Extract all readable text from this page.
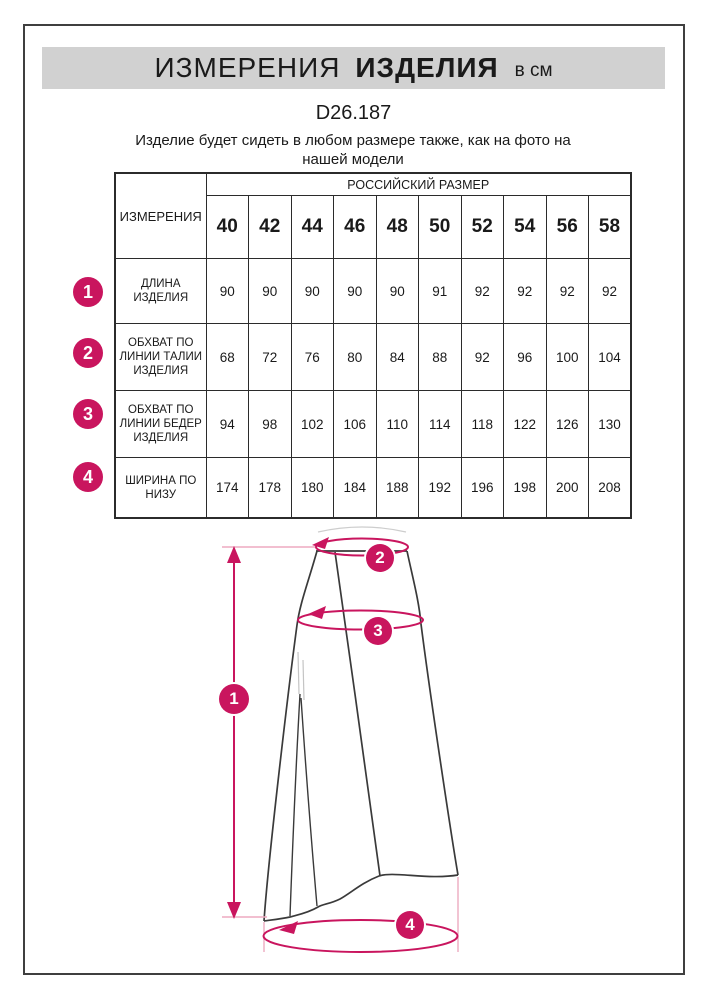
ИЗМЕРЕНИЯ ИЗДЕЛИЯ в см
D26.187
Изделие будет сидеть в любом размере также, как на фото на нашей модели
ИЗМЕРЕНИЯ	РОССИЙСКИЙ РАЗМЕР									
	40	42	44	46	48	50	52	54	56	58
ДЛИНА ИЗДЕЛИЯ	90	90	90	90	90	91	92	92	92	92
ОБХВАТ ПО ЛИНИИ ТАЛИИ ИЗДЕЛИЯ	68	72	76	80	84	88	92	96	100	104
ОБХВАТ ПО ЛИНИИ БЕДЕР ИЗДЕЛИЯ	94	98	102	106	110	114	118	122	126	130
ШИРИНА ПО НИЗУ	174	178	180	184	188	192	196	198	200	208
1
2
3
4
1
2
3
4
